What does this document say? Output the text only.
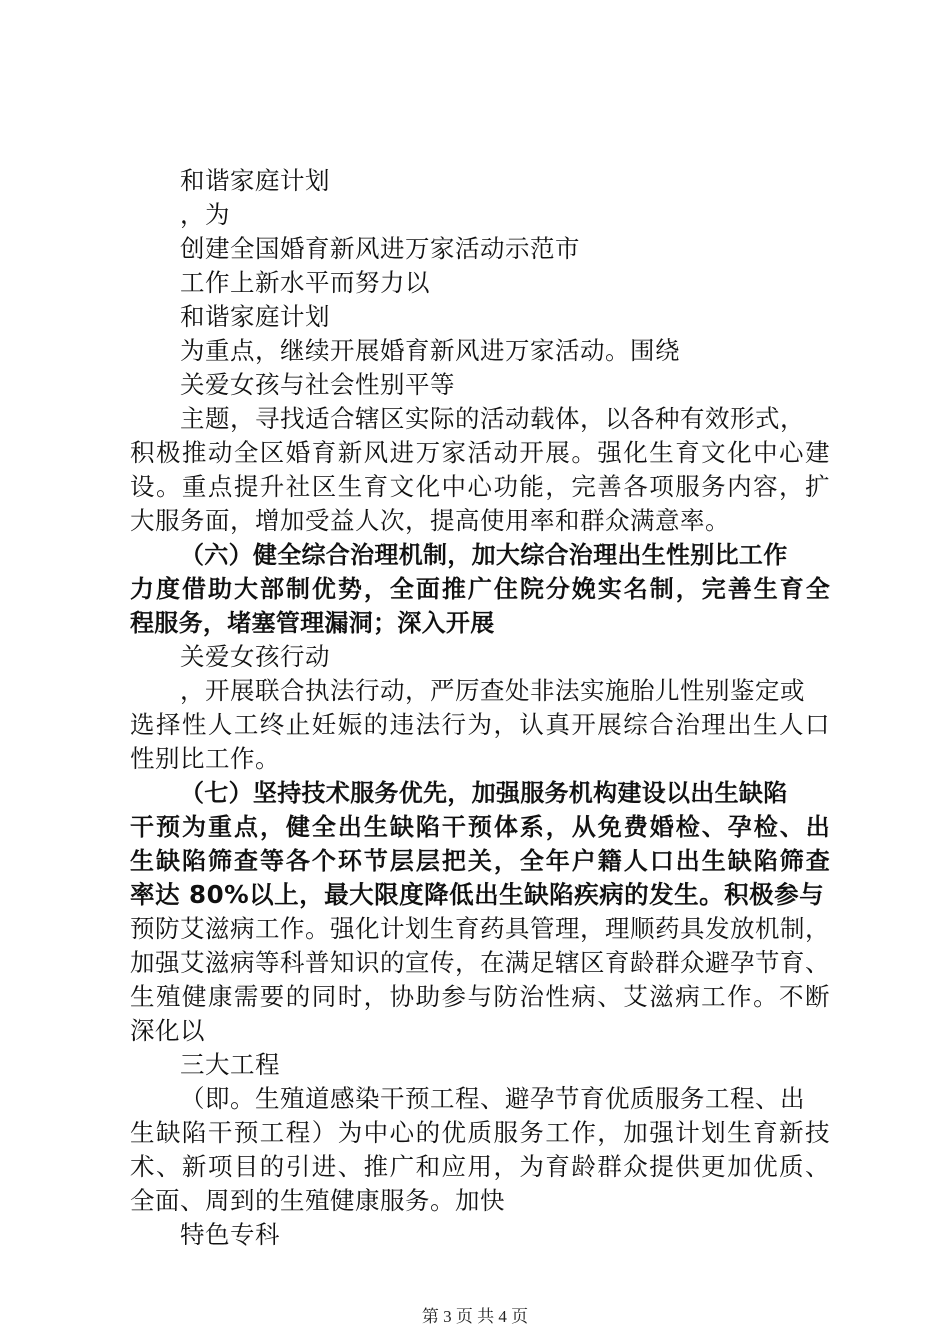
和谐家庭计划
，为
创建全国婚育新风进万家活动示范市
工作上新水平而努力以
和谐家庭计划
为重点，继续开展婚育新风进万家活动。围绕
关爱女孩与社会性别平等
主题，寻找适合辖区实际的活动载体，以各种有效形式，
积极推动全区婚育新风进万家活动开展。强化生育文化中心建
设。重点提升社区生育文化中心功能，完善各项服务内容，扩
大服务面，增加受益人次，提高使用率和群众满意率。
（六）健全综合治理机制，加大综合治理出生性别比工作
力度借助大部制优势，全面推广住院分娩实名制，完善生育全
程服务，堵塞管理漏洞；深入开展
关爱女孩行动
，开展联合执法行动，严厉查处非法实施胎儿性别鉴定或
选择性人工终止妊娠的违法行为，认真开展综合治理出生人口
性别比工作。
（七）坚持技术服务优先，加强服务机构建设以出生缺陷
干预为重点，健全出生缺陷干预体系，从免费婚检、孕检、出
生缺陷筛查等各个环节层层把关，全年户籍人口出生缺陷筛查
率达 80%以上，最大限度降低出生缺陷疾病的发生。积极参与
预防艾滋病工作。强化计划生育药具管理，理顺药具发放机制，
加强艾滋病等科普知识的宣传，在满足辖区育龄群众避孕节育、
生殖健康需要的同时，协助参与防治性病、艾滋病工作。不断
深化以
三大工程
（即。生殖道感染干预工程、避孕节育优质服务工程、出
生缺陷干预工程）为中心的优质服务工作，加强计划生育新技
术、新项目的引进、推广和应用，为育龄群众提供更加优质、
全面、周到的生殖健康服务。加快
特色专科
第 3 页 共 4 页
